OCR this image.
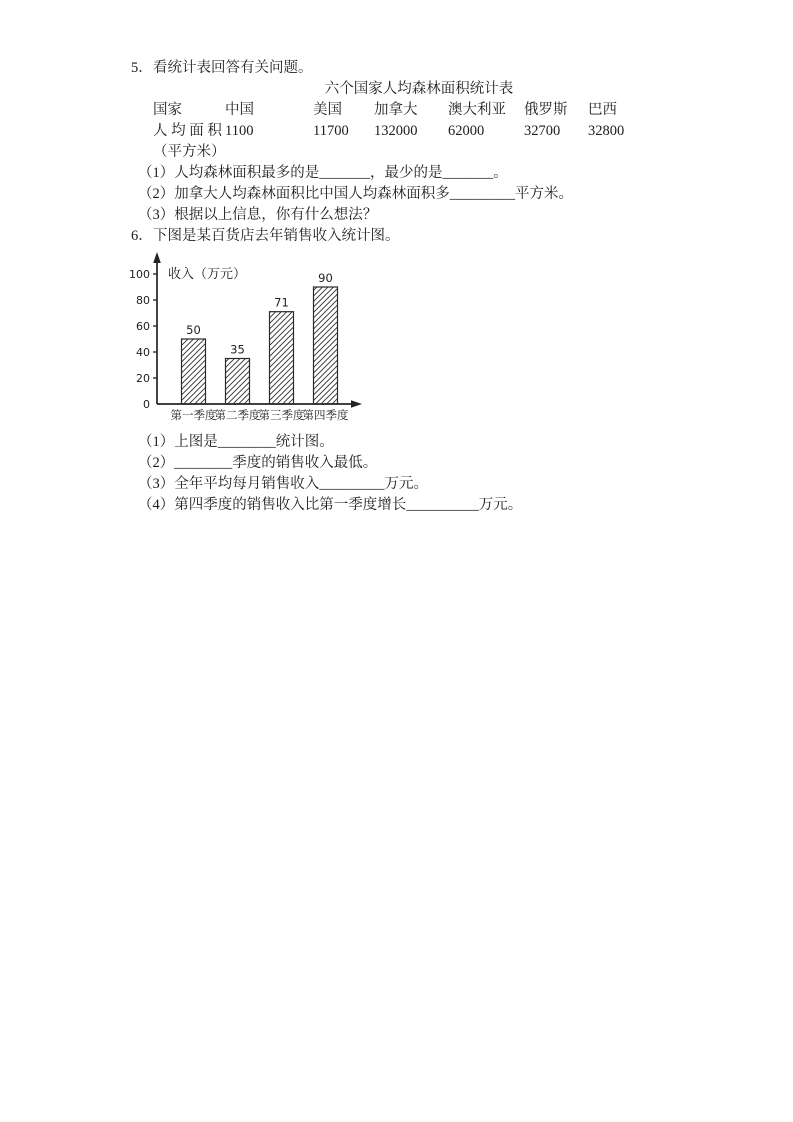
5．看统计表回答有关问题。
六个国家人均森林面积统计表
国家	中国	美国	加拿大	澳大利亚	俄罗斯	巴西
人 均 面 积 1100	11700	132000	62000	32700	32800
（平方米）
（1）人均森林面积最多的是_______，最少的是_______。
（2）加拿大人均森林面积比中国人均森林面积多_________平方米。
（3）根据以上信息，你有什么想法？
6．下图是某百货店去年销售收入统计图。
0
20
40
60
80
100 收入（万元）
50
第一季度
35
第二季度
71
第三季度
90
第四季度
（1）上图是________统计图。
（2）________季度的销售收入最低。
（3）全年平均每月销售收入_________万元。
（4）第四季度的销售收入比第一季度增长__________万元。
